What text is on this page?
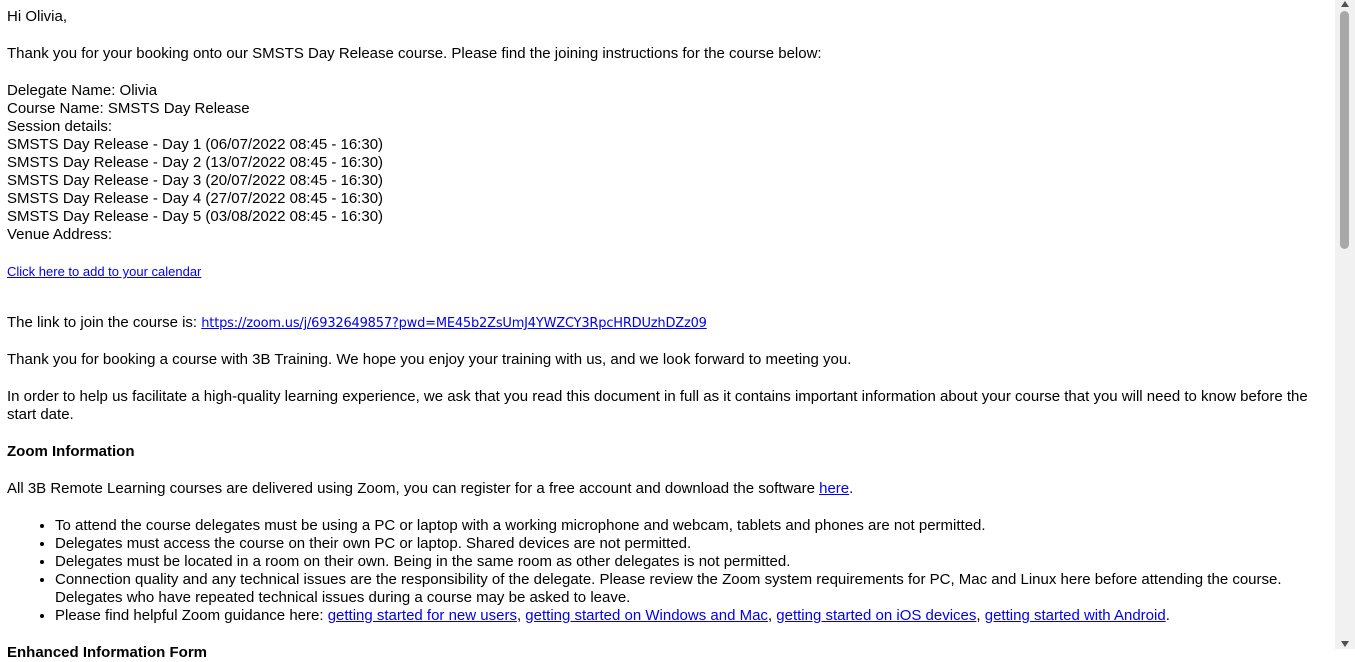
Hi Olivia,
Thank you for your booking onto our SMSTS Day Release course. Please find the joining instructions for the course below:
Delegate Name: Olivia
Course Name: SMSTS Day Release
Session details:
SMSTS Day Release - Day 1 (06/07/2022 08:45 - 16:30)
SMSTS Day Release - Day 2 (13/07/2022 08:45 - 16:30)
SMSTS Day Release - Day 3 (20/07/2022 08:45 - 16:30)
SMSTS Day Release - Day 4 (27/07/2022 08:45 - 16:30)
SMSTS Day Release - Day 5 (03/08/2022 08:45 - 16:30)
Venue Address:
Click here to add to your calendar
The link to join the course is: https://zoom.us/j/6932649857?pwd=ME45b2ZsUmJ4YWZCY3RpcHRDUzhDZz09
Thank you for booking a course with 3B Training. We hope you enjoy your training with us, and we look forward to meeting you.
In order to help us facilitate a high-quality learning experience, we ask that you read this document in full as it contains important information about your course that you will need to know before the start date.
Zoom Information
All 3B Remote Learning courses are delivered using Zoom, you can register for a free account and download the software here.
• To attend the course delegates must be using a PC or laptop with a working microphone and webcam, tablets and phones are not permitted.
• Delegates must access the course on their own PC or laptop. Shared devices are not permitted.
• Delegates must be located in a room on their own. Being in the same room as other delegates is not permitted.
• Connection quality and any technical issues are the responsibility of the delegate. Please review the Zoom system requirements for PC, Mac and Linux here before attending the course. Delegates who have repeated technical issues during a course may be asked to leave.
• Please find helpful Zoom guidance here: getting started for new users, getting started on Windows and Mac, getting started on iOS devices, getting started with Android.
Enhanced Information Form
